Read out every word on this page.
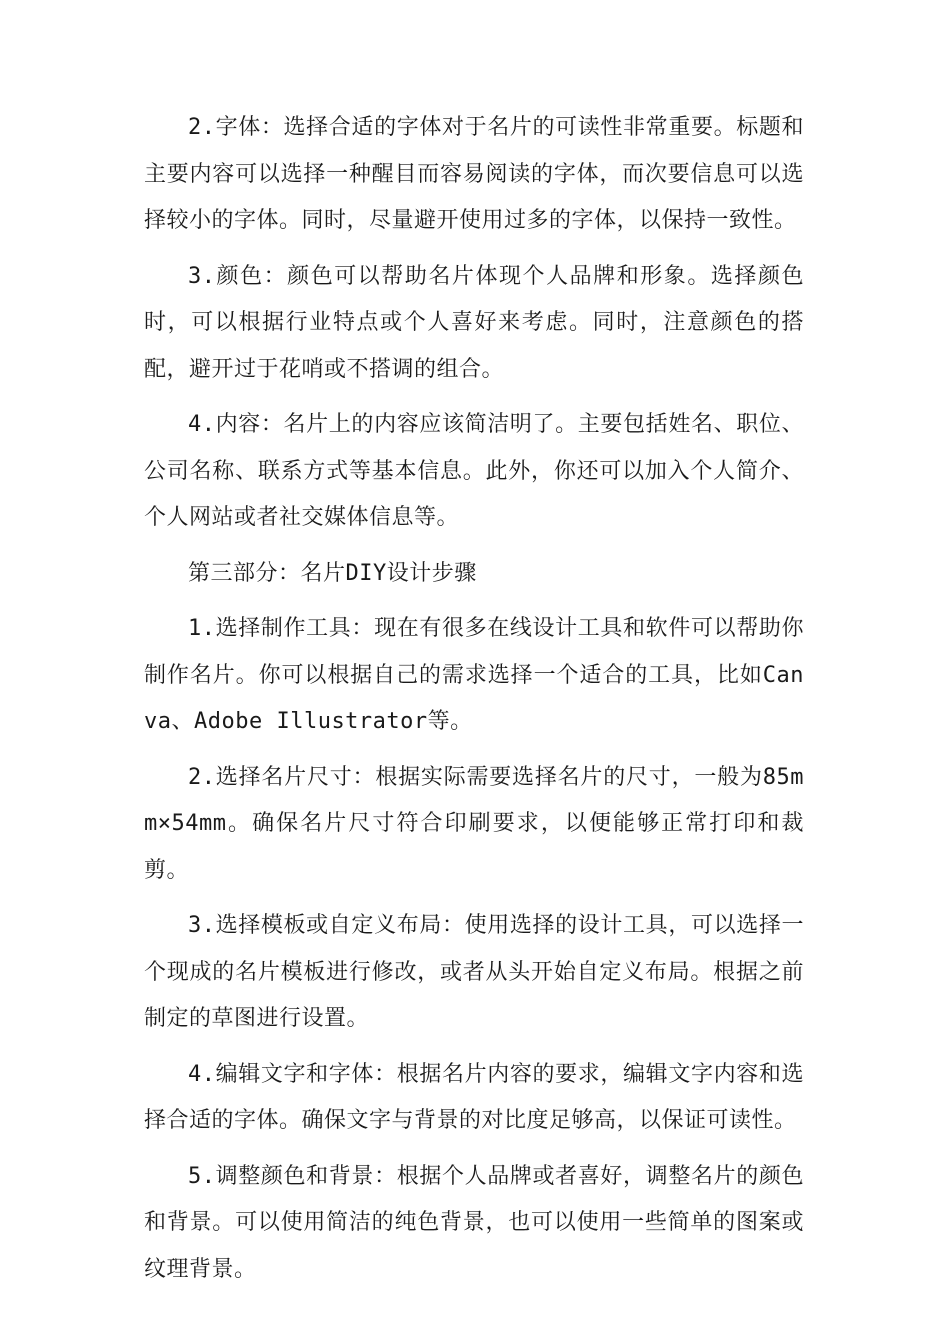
2.字体：选择合适的字体对于名片的可读性非常重要。标题和主要内容可以选择一种醒目而容易阅读的字体，而次要信息可以选择较小的字体。同时，尽量避开使用过多的字体，以保持一致性。

3.颜色：颜色可以帮助名片体现个人品牌和形象。选择颜色时，可以根据行业特点或个人喜好来考虑。同时，注意颜色的搭配，避开过于花哨或不搭调的组合。

4.内容：名片上的内容应该简洁明了。主要包括姓名、职位、公司名称、联系方式等基本信息。此外，你还可以加入个人简介、个人网站或者社交媒体信息等。

第三部分：名片DIY设计步骤

1.选择制作工具：现在有很多在线设计工具和软件可以帮助你制作名片。你可以根据自己的需求选择一个适合的工具，比如Canva、Adobe Illustrator等。

2.选择名片尺寸：根据实际需要选择名片的尺寸，一般为85mm×54mm。确保名片尺寸符合印刷要求，以便能够正常打印和裁剪。

3.选择模板或自定义布局：使用选择的设计工具，可以选择一个现成的名片模板进行修改，或者从头开始自定义布局。根据之前制定的草图进行设置。

4.编辑文字和字体：根据名片内容的要求，编辑文字内容和选择合适的字体。确保文字与背景的对比度足够高，以保证可读性。

5.调整颜色和背景：根据个人品牌或者喜好，调整名片的颜色和背景。可以使用简洁的纯色背景，也可以使用一些简单的图案或纹理背景。
